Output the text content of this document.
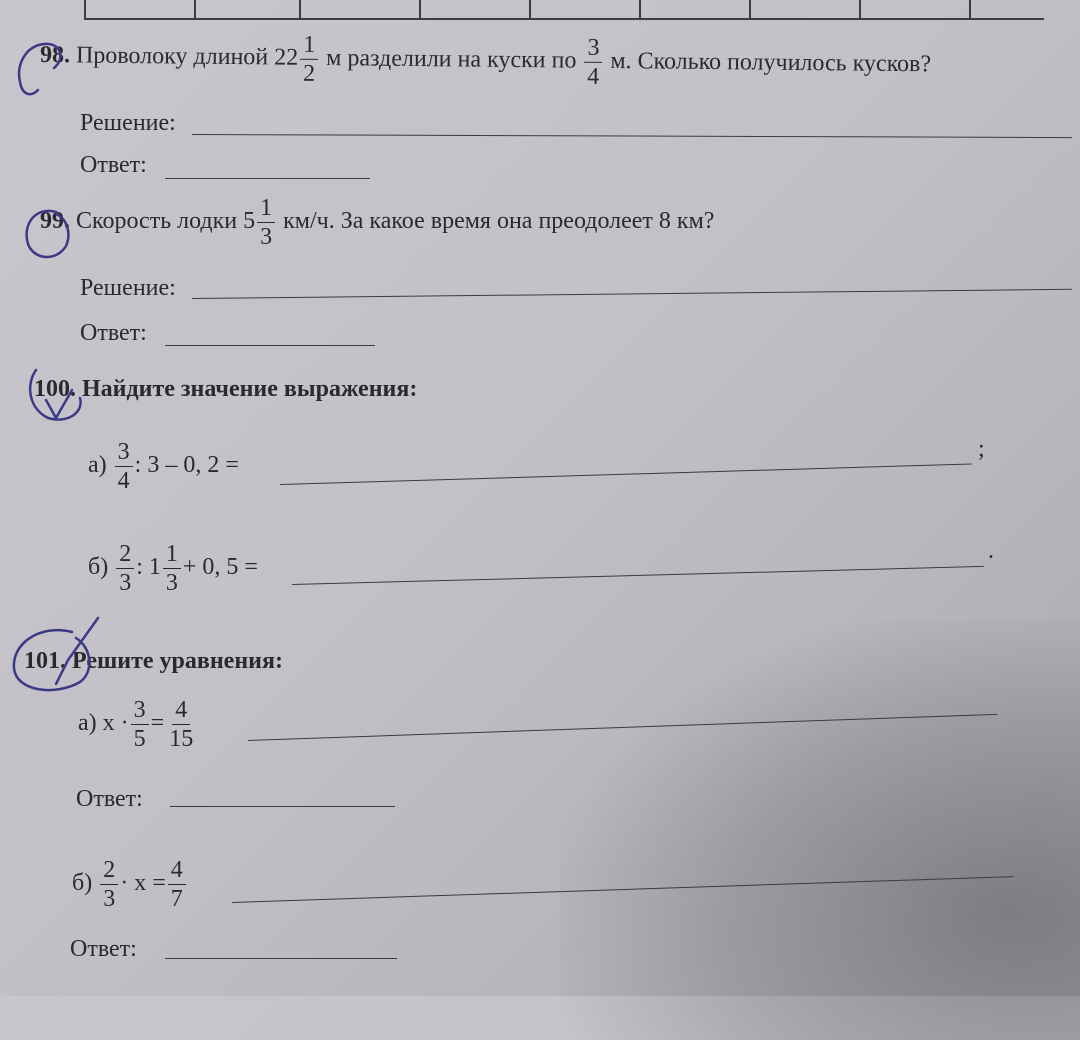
98. Проволоку длиной $22 \frac{1}{2}$ м разделили на куски по $\frac{3}{4} м$. Сколько получилось кусков?
Решение:
Ответ:
99. Скорость лодки $5 \frac{1}{3} км/ч$. За какое время она преодолеет 8 км?
Решение:
Ответ:
100. Найдите значение выражения:
$а) \frac{3}{4}$ : 3 – 0, 2 =
;
$б) \frac{2}{3}$ : $1 \frac{1}{3} + 0$, 5 =
.
101. Решите уравнения:
а) $x \cdot \frac{3}{5} = \frac{4}{15}$
Ответ:
$б) \frac{2}{3} \cdot x = \frac{4}{7}$
Ответ:
